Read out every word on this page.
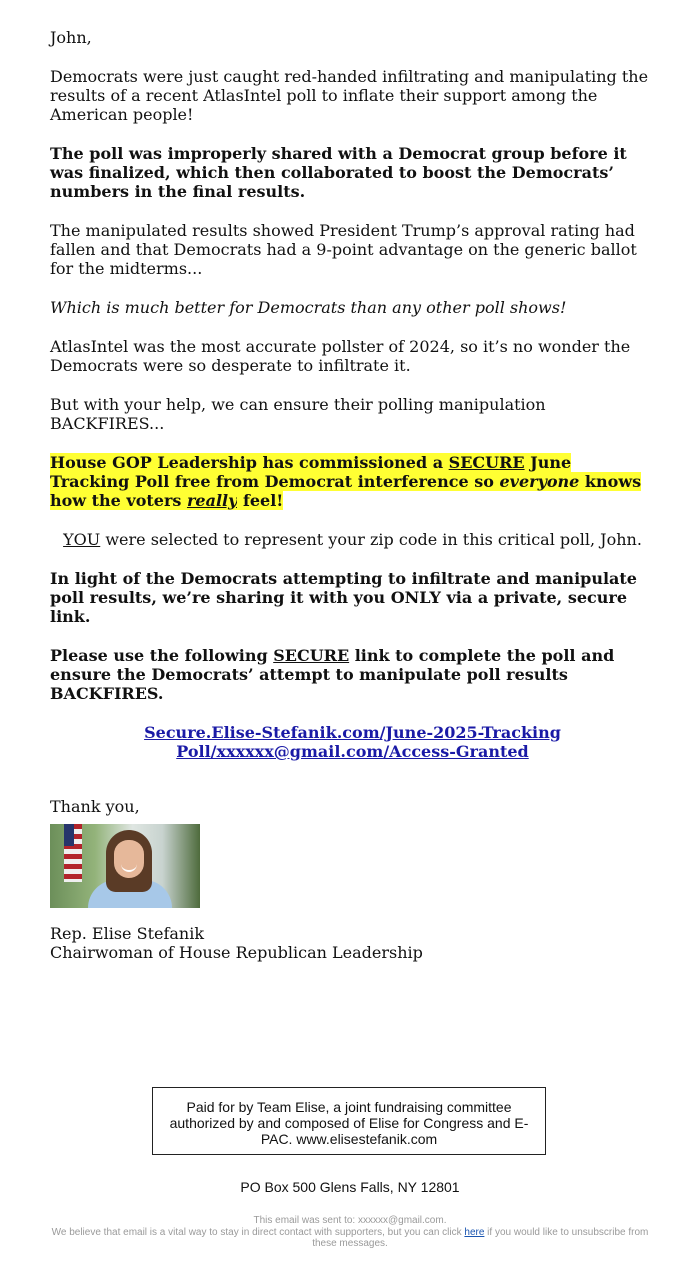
John,

Democrats were just caught red-handed infiltrating and manipulating the results of a recent AtlasIntel poll to inflate their support among the American people!

The poll was improperly shared with a Democrat group before it was finalized, which then collaborated to boost the Democrats’ numbers in the final results.

The manipulated results showed President Trump’s approval rating had fallen and that Democrats had a 9-point advantage on the generic ballot for the midterms...

Which is much better for Democrats than any other poll shows!

AtlasIntel was the most accurate pollster of 2024, so it’s no wonder the Democrats were so desperate to infiltrate it.

But with your help, we can ensure their polling manipulation BACKFIRES...

House GOP Leadership has commissioned a SECURE June Tracking Poll free from Democrat interference so everyone knows how the voters really feel!

YOU were selected to represent your zip code in this critical poll, John.

In light of the Democrats attempting to infiltrate and manipulate poll results, we’re sharing it with you ONLY via a private, secure link.

Please use the following SECURE link to complete the poll and ensure the Democrats’ attempt to manipulate poll results BACKFIRES.

Secure.Elise-Stefanik.com/June-2025-Tracking
Poll/xxxxxx@gmail.com/Access-Granted

Thank you,

Rep. Elise Stefanik

Chairwoman of House Republican Leadership

Paid for by Team Elise, a joint fundraising committee authorized by and composed of Elise for Congress and E-PAC. www.elisestefanik.com
PO Box 500 Glens Falls, NY 12801
This email was sent to: xxxxxx@gmail.com.
We believe that email is a vital way to stay in direct contact with supporters, but you can click here if you would like to unsubscribe from these messages.
